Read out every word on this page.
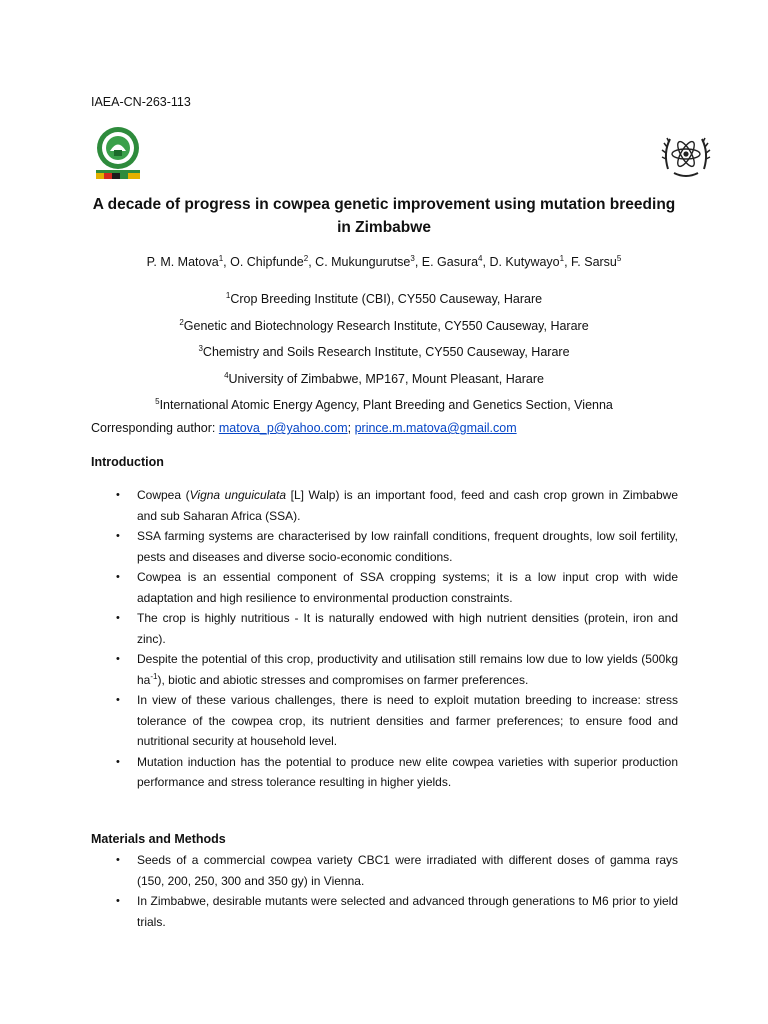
IAEA-CN-263-113
A decade of progress in cowpea genetic improvement using mutation breeding in Zimbabwe
P. M. Matova$^1$, O. Chipfunde$^2$, C. Mukungurutse$^3$, E. Gasura$^4$, D. Kutywayo$^1$, F. Sarsu$^5$
$^1$Crop Breeding Institute (CBI), CY550 Causeway, Harare
$^2$Genetic and Biotechnology Research Institute, CY550 Causeway, Harare
$^3$Chemistry and Soils Research Institute, CY550 Causeway, Harare
$^4$University of Zimbabwe, MP167, Mount Pleasant, Harare
$^5$International Atomic Energy Agency, Plant Breeding and Genetics Section, Vienna
Corresponding author: matova_p@yahoo.com; prince.m.matova@gmail.com
Introduction
• Cowpea (Vigna unguiculata [L] Walp) is an important food, feed and cash crop grown in Zimbabwe and sub Saharan Africa (SSA).
• SSA farming systems are characterised by low rainfall conditions, frequent droughts, low soil fertility, pests and diseases and diverse socio-economic conditions.
• Cowpea is an essential component of SSA cropping systems; it is a low input crop with wide adaptation and high resilience to environmental production constraints.
• The crop is highly nutritious - It is naturally endowed with high nutrient densities (protein, iron and zinc).
• Despite the potential of this crop, productivity and utilisation still remains low due to low yields (500kg $ha^{-1}$), biotic and abiotic stresses and compromises on farmer preferences.
• In view of these various challenges, there is need to exploit mutation breeding to increase: stress tolerance of the cowpea crop, its nutrient densities and farmer preferences; to ensure food and nutritional security at household level.
• Mutation induction has the potential to produce new elite cowpea varieties with superior production performance and stress tolerance resulting in higher yields.
Materials and Methods
• Seeds of a commercial cowpea variety CBC1 were irradiated with different doses of gamma rays (150, 200, 250, 300 and 350 gy) in Vienna.
• In Zimbabwe, desirable mutants were selected and advanced through generations to M6 prior to yield trials.
